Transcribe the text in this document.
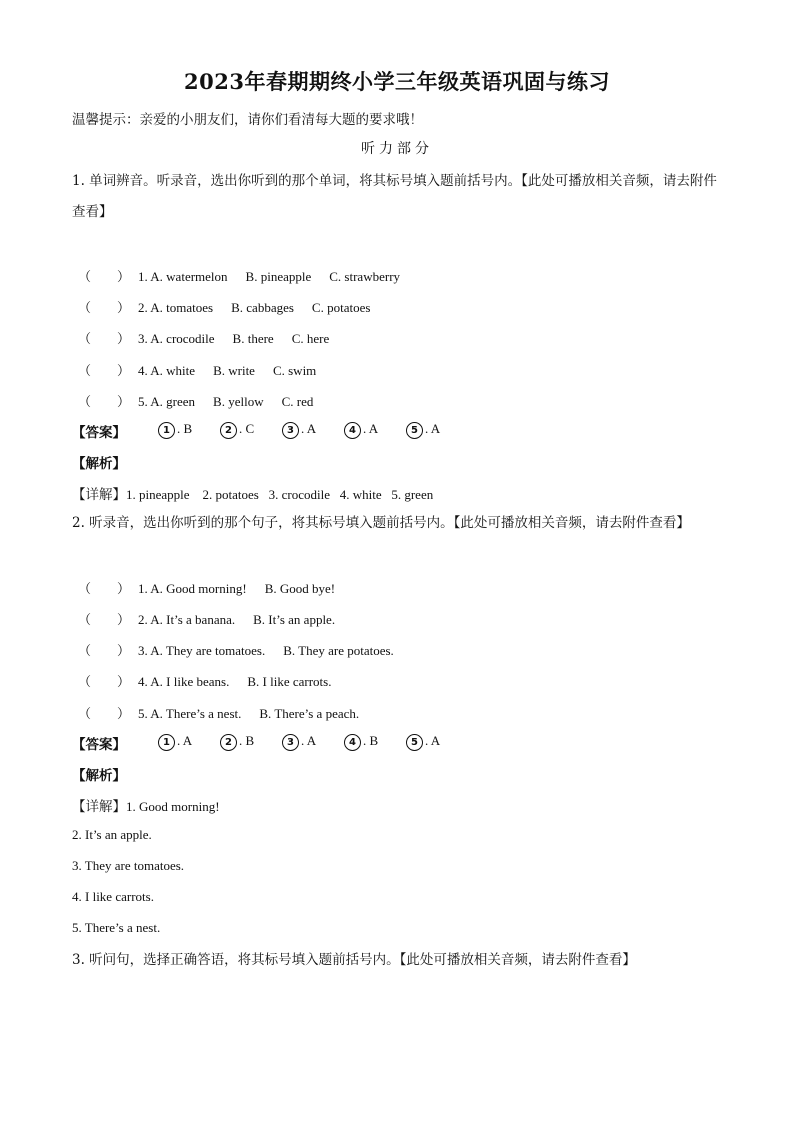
2023年春期期终小学三年级英语巩固与练习
温馨提示：亲爱的小朋友们，请你们看清每大题的要求哦！
听力部分
1. 单词辨音。听录音，选出你听到的那个单词，将其标号填入题前括号内。【此处可播放相关音频，请去附件查看】
（　　） 1. A. watermelon B. pineapple C. strawberry
（　　） 2. A. tomatoes B. cabbages C. potatoes
（　　） 3. A. crocodile B. there C. here
（　　） 4. A. white B. write C. swim
（　　） 5. A. green B. yellow C. red
【答案】	1 . B	2 . C	3 . A	4 . A	5 . A
【解析】
【详解】1. pineapple    2. potatoes   3. crocodile   4. white   5. green
2. 听录音，选出你听到的那个句子，将其标号填入题前括号内。【此处可播放相关音频，请去附件查看】
（　　） 1. A. Good morning! B. Good bye!
（　　） 2. A. It’s a banana. B. It’s an apple.
（　　） 3. A. They are tomatoes. B. They are potatoes.
（　　） 4. A. I like beans. B. I like carrots.
（　　） 5. A. There’s a nest. B. There’s a peach.
【答案】	1 . A	2 . B	3 . A	4 . B	5 . A
【解析】
【详解】1. Good morning!
2. It’s an apple.
3. They are tomatoes.
4. I like carrots.
5. There’s a nest.
3. 听问句，选择正确答语，将其标号填入题前括号内。【此处可播放相关音频，请去附件查看】
